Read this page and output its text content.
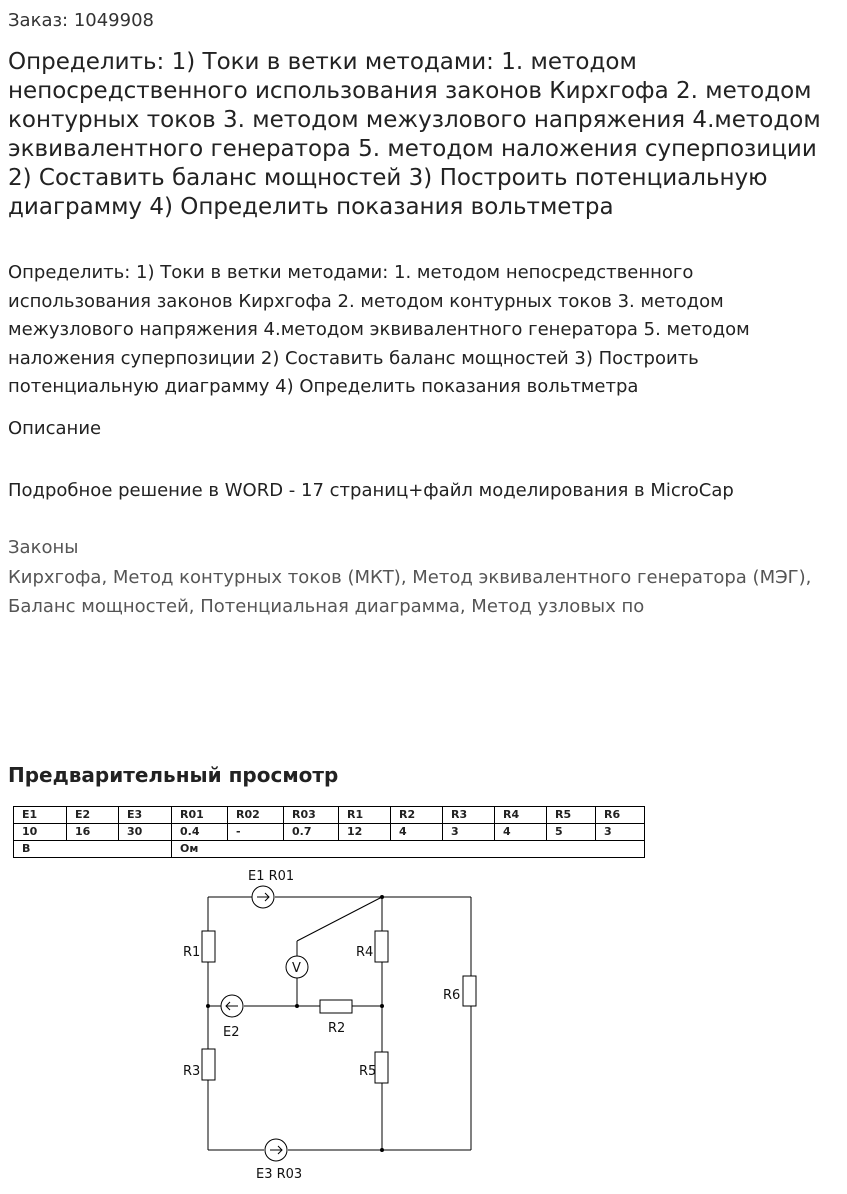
Заказ: 1049908
Определить: 1) Токи в ветки методами: 1. методом непосредственного использования законов Кирхгофа 2. методом контурных токов 3. методом межузлового напряжения 4.методом эквивалентного генератора 5. методом наложения суперпозиции 2) Составить баланс мощностей 3) Построить потенциальную диаграмму 4) Определить показания вольтметра
Определить: 1) Токи в ветки методами: 1. методом непосредственного использования законов Кирхгофа 2. методом контурных токов 3. методом межузлового напряжения 4.методом эквивалентного генератора 5. методом наложения суперпозиции 2) Составить баланс мощностей 3) Построить потенциальную диаграмму 4) Определить показания вольтметра
Описание
Подробное решение в WORD - 17 страниц+файл моделирования в MicroCap
Законы
Кирхгофа, Метод контурных токов (МКТ), Метод эквивалентного генератора (МЭГ), Баланс мощностей, Потенциальная диаграмма, Метод узловых по
Предварительный просмотр
E1	E2	E3	R01	R02	R03	R1	R2	R3	R4	R5	R6
10	16	30	0.4	-	0.7	12	4	3	4	5	3
В			Ом								
E1 R01
E3 R03
E2
R1
R3
R4
R5
R6
R2
V
